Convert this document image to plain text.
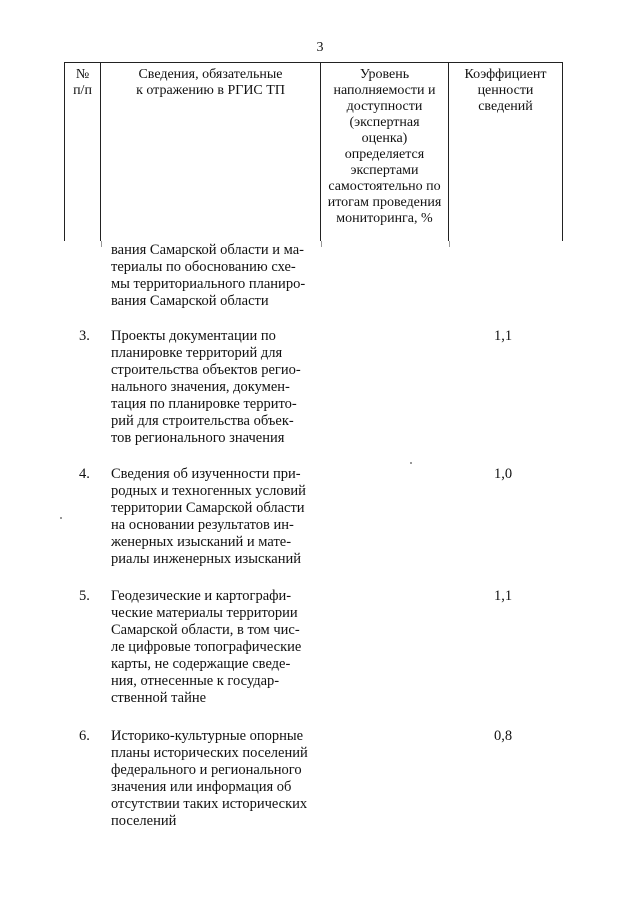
3
№
п/п
Сведения, обязательные
к отражению в РГИС ТП
Уровень
наполняемости и
доступности
(экспертная
оценка)
определяется
экспертами
самостоятельно по
итогам проведения
мониторинга, %
Коэффициент
ценности
сведений
вания Самарской области и ма-
териалы по обоснованию схе-
мы территориального планиро-
вания Самарской области
3. Проекты документации по
планировке территорий для
строительства объектов регио-
нального значения, докумен-
тация по планировке террито-
рий для строительства объек-
тов регионального значения
1,1
4. Сведения об изученности при-
родных и техногенных условий
территории Самарской области
на основании результатов ин-
женерных изысканий и мате-
риалы инженерных изысканий
1,0
5. Геодезические и картографи-
ческие материалы территории
Самарской области, в том чис-
ле цифровые топографические
карты, не содержащие сведе-
ния, отнесенные к государ-
ственной тайне
1,1
6. Историко-культурные опорные
планы исторических поселений
федерального и регионального
значения или информация об
отсутствии таких исторических
поселений
0,8
